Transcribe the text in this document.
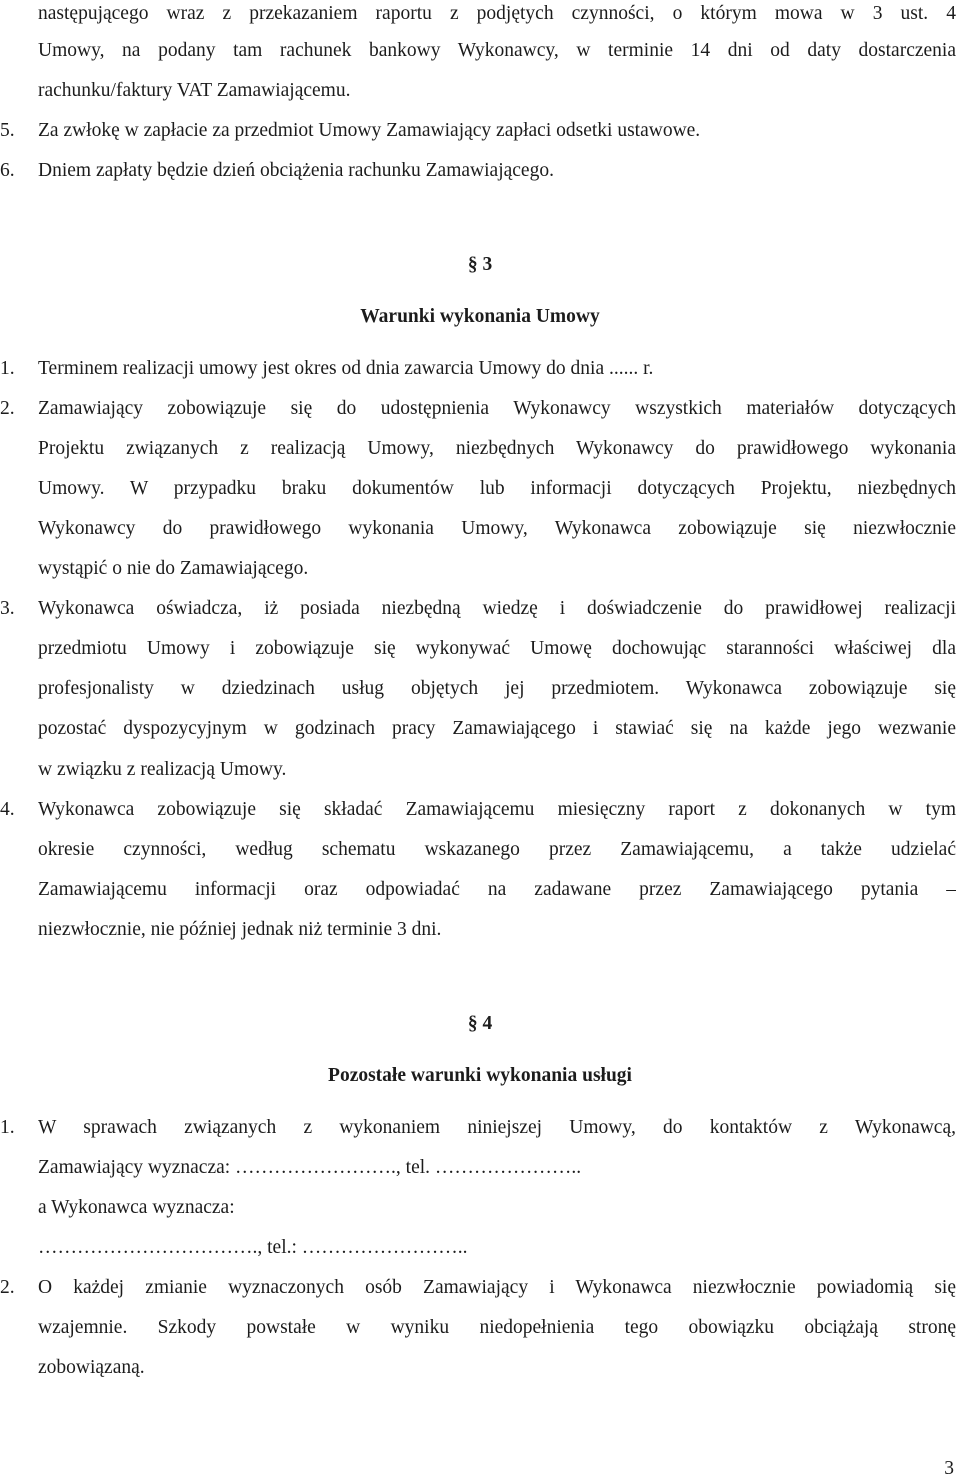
następującego wraz z przekazaniem raportu z podjętych czynności, o którym mowa w 3 ust. 4
Umowy, na podany tam rachunek bankowy Wykonawcy, w terminie 14 dni od daty dostarczenia
rachunku/faktury VAT Zamawiającemu.
5.	Za zwłokę w zapłacie za przedmiot Umowy Zamawiający zapłaci odsetki ustawowe.
6.	Dniem zapłaty będzie dzień obciążenia rachunku Zamawiającego.
§ 3
Warunki wykonania Umowy
1.	Terminem realizacji umowy jest okres od dnia zawarcia Umowy do dnia ...... r.
2.	Zamawiający zobowiązuje się do udostępnienia Wykonawcy wszystkich materiałów dotyczących
Projektu związanych z realizacją Umowy, niezbędnych Wykonawcy do prawidłowego wykonania
Umowy. W przypadku braku dokumentów lub informacji dotyczących Projektu, niezbędnych
Wykonawcy do prawidłowego wykonania Umowy, Wykonawca zobowiązuje się niezwłocznie
wystąpić o nie do Zamawiającego.
3.	Wykonawca oświadcza, iż posiada niezbędną wiedzę i doświadczenie do prawidłowej realizacji
przedmiotu Umowy i zobowiązuje się wykonywać Umowę dochowując staranności właściwej dla
profesjonalisty w dziedzinach usług objętych jej przedmiotem. Wykonawca zobowiązuje się
pozostać dyspozycyjnym w godzinach pracy Zamawiającego i stawiać się na każde jego wezwanie
w związku z realizacją Umowy.
4.	Wykonawca zobowiązuje się składać Zamawiającemu miesięczny raport z dokonanych w tym
okresie czynności, według schematu wskazanego przez Zamawiającemu, a także udzielać
Zamawiającemu informacji oraz odpowiadać na zadawane przez Zamawiającego pytania –
niezwłocznie, nie później jednak niż terminie 3 dni.
§ 4
Pozostałe warunki wykonania usługi
1.	W sprawach związanych z wykonaniem niniejszej Umowy, do kontaktów z Wykonawcą,
Zamawiający wyznacza: ……………………., tel. …………………..
a Wykonawca wyznacza:
……………………………., tel.: ……………………..
2.	O każdej zmianie wyznaczonych osób Zamawiający i Wykonawca niezwłocznie powiadomią się
wzajemnie. Szkody powstałe w wyniku niedopełnienia tego obowiązku obciążają stronę
zobowiązaną.
3
